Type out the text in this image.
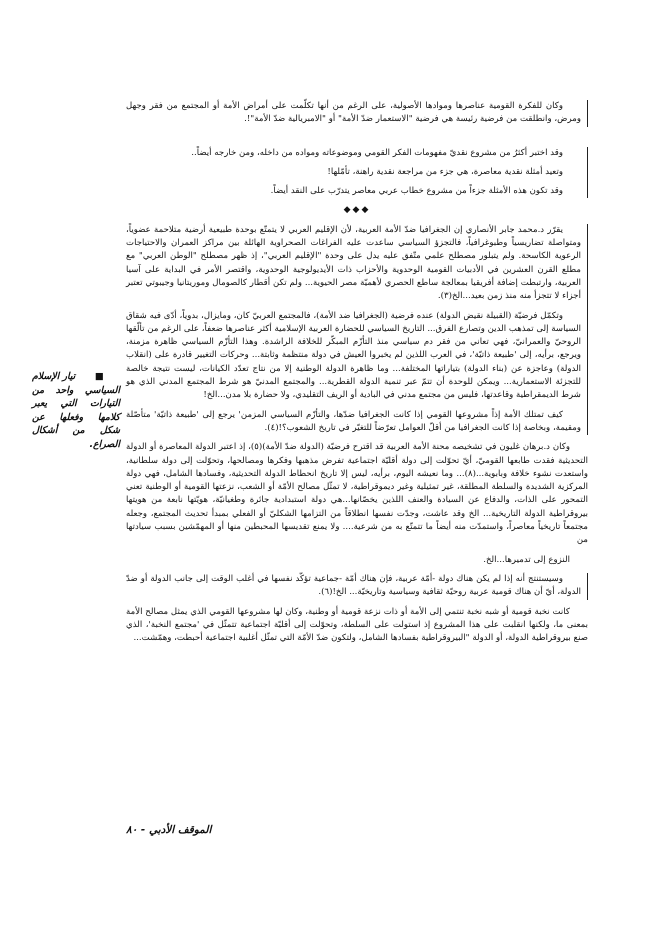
وكان للفكرة القومية عناصرها وموادها الأصولية، على الرغم من أنها تكلّمت على أمراض الأمة أو المجتمع من فقر وجهل ومرض، وانطلقت من فرضية رئيسة هي فرضية "الاستعمار ضدّ الأمة" أو "الامبريالية ضدّ الأمة"!.

وقد اختبر أكثرُ من مشروع نقديّ مفهومات الفكر القومي وموضوعاته ومواده من داخله، ومن خارجه أيضاً..

وتعيد أمثلة نقدية معاصرة، هي جزء من مراجعة نقدية راهنة، تأمّلها!

وقد تكون هذه الأمثلة جزءاً من مشروع خطاب عربي معاصر يتدرّب على النقد أيضاً.

◆◆◆

يقرّر د.محمد جابر الأنصاري إن الجغرافيا ضدّ الأمة العربية، لأن الإقليم العربي لا يتمتّع بوحدة طبيعية أرضية متلاحمة عضوياً، ومتواصلة تضاريسياً وطبوغرافياً، فالتجزؤ السياسي ساعدت عليه الفراغات الصحراوية الهائلة بين مراكز العمران والاحتياجات الرعوية الكاسحة. ولم يتبلور مصطلح علمي متّفق عليه يدل على وحدة "الإقليم العربي"، إذ ظهر مصطلح "الوطن العربي" مع مطلع القرن العشرين في الأدبيات القومية الوحدوية والأحزاب ذات الأيديولوجية الوحدوية، واقتصر الأمر في البداية على آسيا العربية، وارتبطت إضافة أفريقيا بمعالجة ساطع الحصري لأهميّة مصر الحيوية... ولم تكن أقطار كالصومال وموريتانيا وجيبوتي تعتبر أجزاء لا تتجزأ منه منذ زمن بعيد...الخ(٣).

وتكمّل فرضيّة (القبيلة نقيض الدولة) عنده فرضية (الجغرافيا ضد الأمة)، فالمجتمع العربيّ كان، ومايزال، بدوياً، أدّى فيه شقاق السياسة إلى تمذهب الدين وتصارع الفرق... التاريخ السياسي للحضارة العربية الإسلامية أكثر عناصرها ضعفاً، على الرغم من تألّقها الروحيّ والعمرانيّ، فهي تعاني من فقر دم سياسي منذ التأزّم المبكّر للخلافة الراشدة. وهذا التأزّم السياسي ظاهرة مزمنة، ويرجع، برأيه، إلى 'طبيعة ذاتيّة'، في العرب اللذين لم يخبروا العيش في دولة منتظمة وثابتة... وحركات التغيير قادرة على (انقلاب الدولة) وعاجزة عن (بناء الدولة) بتياراتها المختلفة... وما ظاهرة الدولة الوطنية إلا من نتاج تعدّد الكيانات، ليست نتيجة خالصة للتجزئة الاستعمارية... ويمكن للوحدة أن تتمّ عبر تنمية الدولة القطرية... والمجتمع المدنيّ هو شرط المجتمع المدني الذي هو شرط الديمقراطية وقاعدتها، فليس من مجتمع مدني في البادية أو الريف التقليدي، ولا حضارة بلا مدن...الخ!

كيف تمتلك الأمة إذاً مشروعها القومي إذا كانت الجغرافيا ضدّها، والتأزّم السياسي المزمن' يرجع إلى 'طبيعة ذاتيّة' متأصّلة ومقيمة، وبخاصة إذا كانت الجغرافيا من أقلّ العوامل تعرّضاً للتغيّر في تاريخ الشعوب؟!(٤).

وكان د.برهان غليون في تشخيصه محنة الأمة العربية قد اقترح فرضيّة (الدولة ضدّ الأمة)(٥)، إذ اعتبر الدولة المعاصرة أو الدولة التحديثية فقدت طابعها القوميّ، أيّ تحوّلت إلى دولة أقليّة اجتماعية تفرض مذهبها وفكرها ومصالحها، وتحوّلت إلى دولة سلطانية، واستعدت نشوء خلافة وبابوية...(٨)... وما نعيشه اليوم، برأيه، ليس إلا تاريخ انحطاط الدولة التحديثية، وفسادها الشامل، فهي دولة المركزية الشديدة والسلطة المطلقة، غير تمثيلية وغير ديموقراطية، لا تمثّل مصالح الأمّة أو الشعب، نزعتها القومية أو الوطنية تعني التمحور على الذات، والدفاع عن السيادة والعنف اللذين يخصّانها...هي دولة استبدادية جائرة وطغيانيّة، هويّتها نابعة من هويتها بيروقراطية الدولة التاريخية... الخ وقد عاشت، وجدّت نفسها انطلاقاً من التزامها الشكليّ أو الفعلي بمبدأ تحديث المجتمع، وجعله مجتمعاً تاريخياً معاصراً، واستمدّت منه أيضاً ما تتمتّع به من شرعية.... ولا يمنع تقديسها المحبطين منها أو المهمّشين بسبب سيادتها من

النزوع إلى تدميرها...الخ.

وسيستنتج أنه إذا لم يكن هناك دولة -أمّة عربية، فإن هناك أمّة -جماعية تؤكّد نفسها في أغلب الوقت إلى جانب الدولة أو ضدّ الدولة، أيّ أن هناك قومية عربية روحيّة ثقافية وسياسية وتاريخيّة... الخ!(٦).

كانت نخبة قومية أو شبه نخبة تنتمي إلى الأمة أو ذات نزعة قومية أو وطنية، وكان لها مشروعها القومي الذي يمثل مصالح الأمة بمعنى ما، ولكنها انقلبت على هذا المشروع إذ استولت على السلطة، وتحوّلت إلى أقليّة اجتماعية تتمثّل في 'مجتمع النخبة'، الذي صنع بيروقراطية الدولة، أو الدولة "البيروقراطية بفسادها الشامل، ولتكون ضدّ الأمّة التي تمثّل أغلبية اجتماعية أحبطت، وهمّشت...

■ تيار الإسلام السياسي واحد من التيارات التي يعبر كلامها وفعلها عن شكل من أشكال الصراع.
الموقف الأدبي - ٨٠
